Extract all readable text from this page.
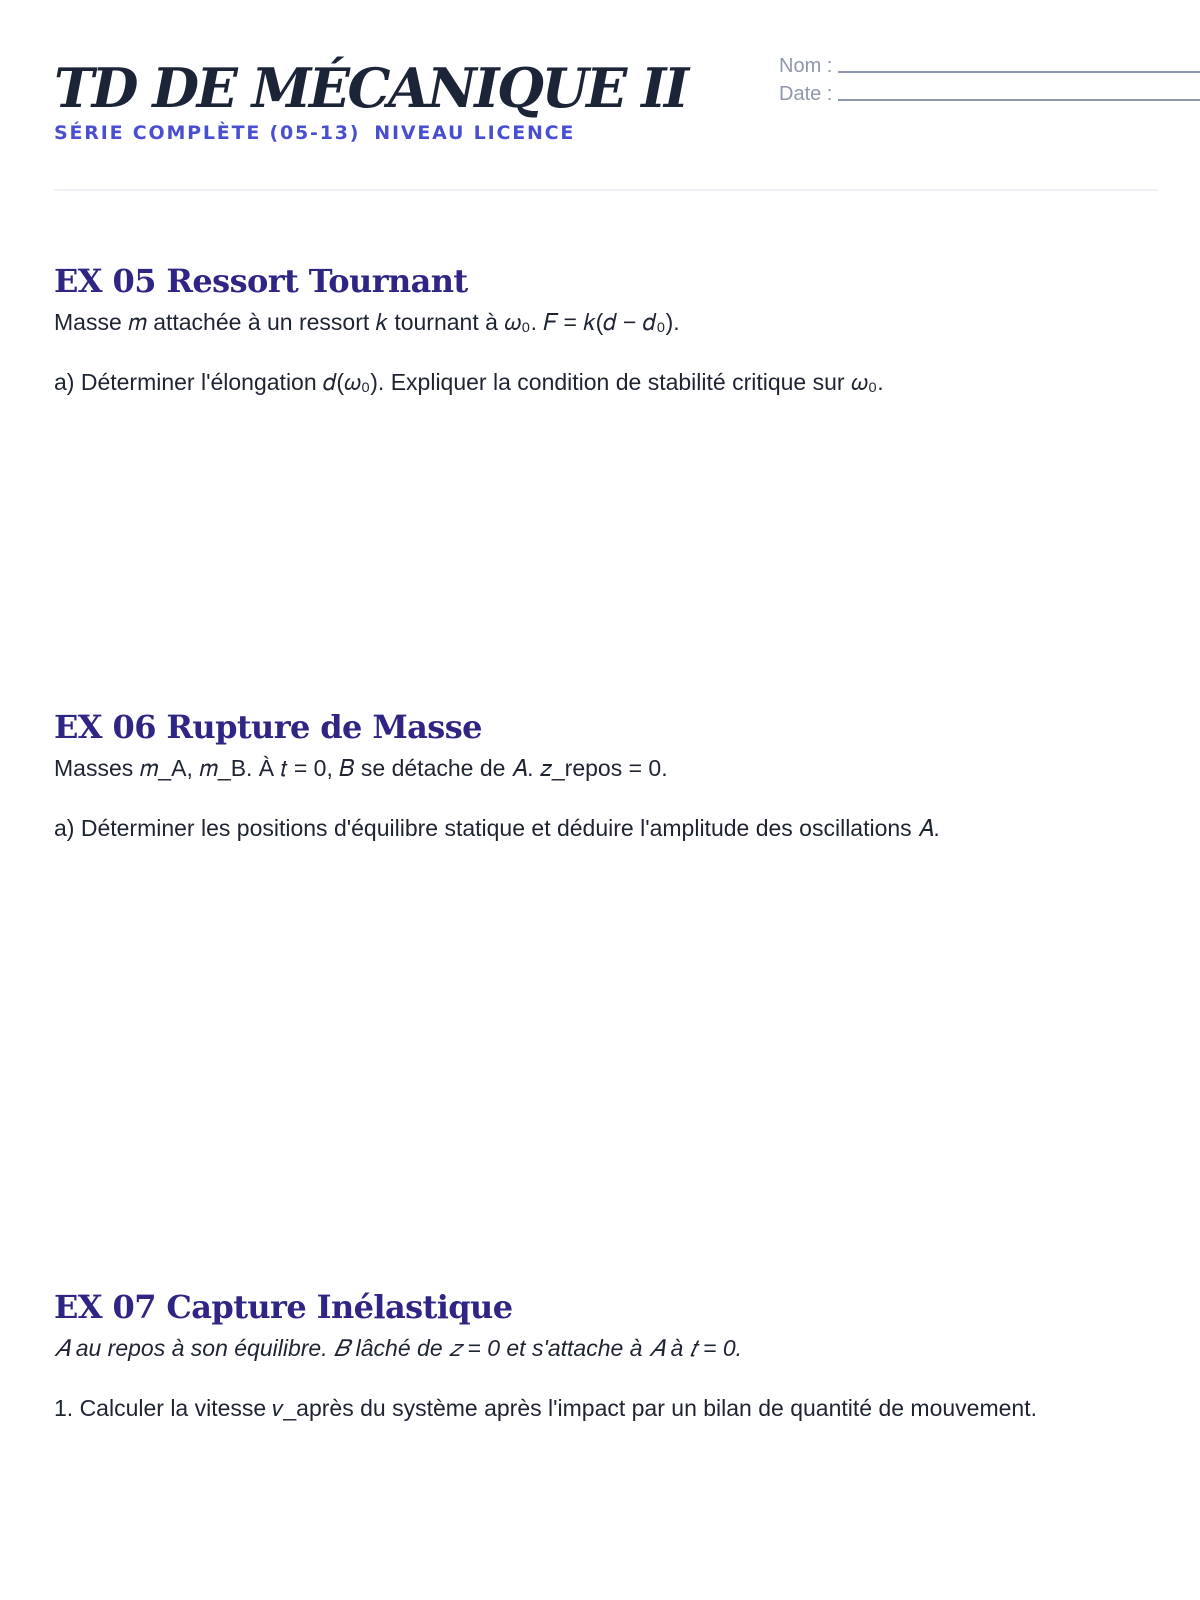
TD DE MÉCANIQUE II
SÉRIE COMPLÈTE (05-13) NIVEAU LICENCE
Nom :
Date :
EX 05 Ressort Tournant

Masse 𝑚 attachée à un ressort 𝑘 tournant à 𝜔₀. 𝐹 = 𝑘(𝑑 − 𝑑₀).

a) Déterminer l'élongation 𝑑(𝜔₀). Expliquer la condition de stabilité critique sur 𝜔₀.

EX 06 Rupture de Masse

Masses 𝑚_A, 𝑚_B. À 𝑡 = 0, 𝐵 se détache de 𝐴. 𝑧_repos = 0.

a) Déterminer les positions d'équilibre statique et déduire l'amplitude des oscillations 𝐴.

EX 07 Capture Inélastique

𝐴 au repos à son équilibre. 𝐵 lâché de 𝑧 = 0 et s'attache à 𝐴 à 𝑡 = 0.

1. Calculer la vitesse 𝑣_après du système après l'impact par un bilan de quantité de mouvement.
